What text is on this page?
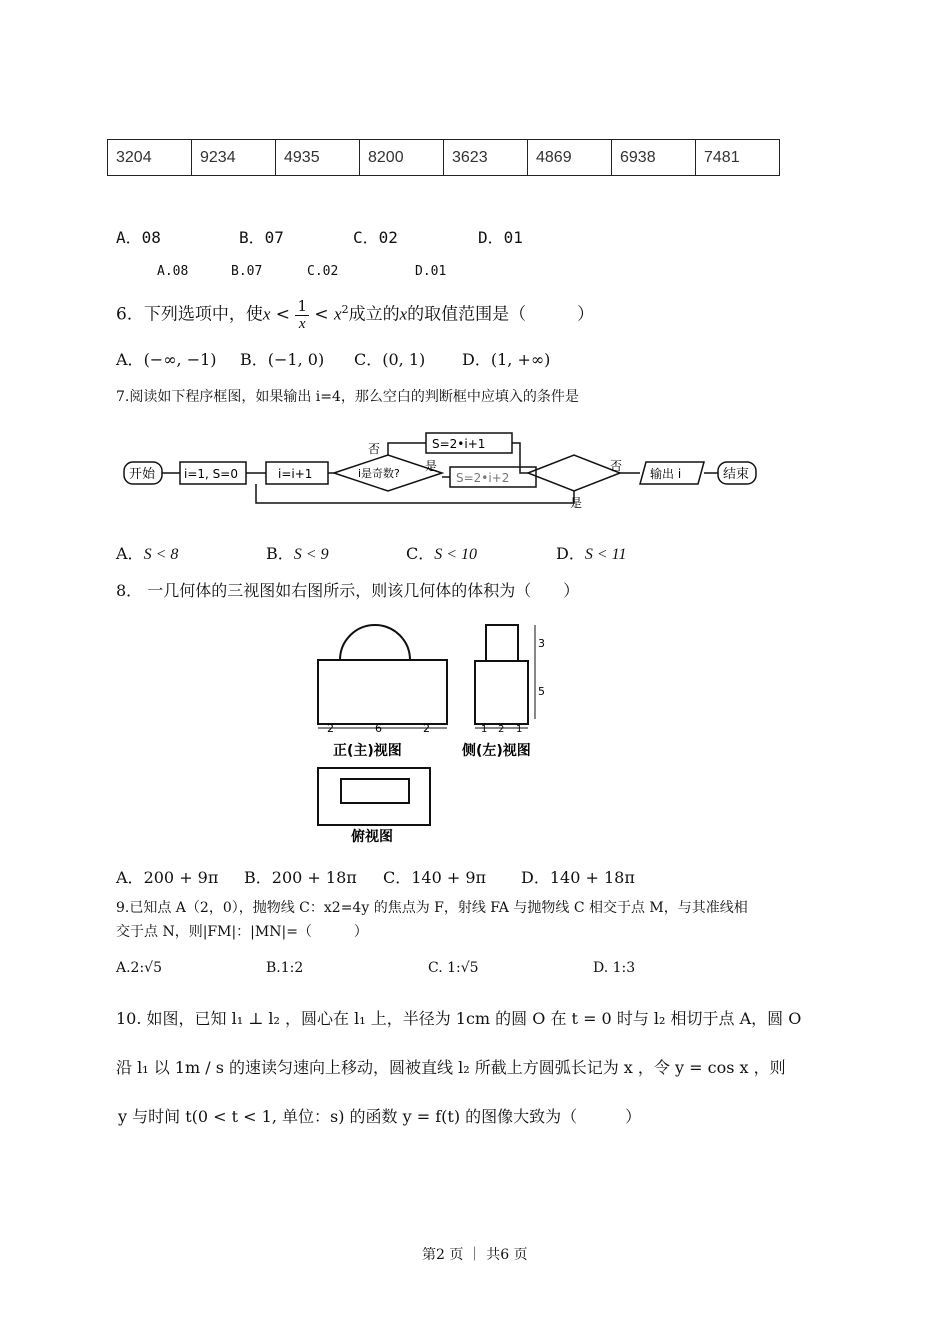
3204	9234	4935	8200	3623	4869	6938	7481
A．08	B．07	C．02	D．01
A.08	B.07	C.02	D.01
6．下列选项中，使$x < \frac{1}{x} < x^2$成立的x的取值范围是（　　　）
A．(−∞, −1) B．(−1, 0) C．(0, 1) D．(1, +∞)
7.阅读如下程序框图，如果输出 i=4，那么空白的判断框中应填入的条件是
开始 i=1, S=0	i=i+1	i是奇数?
否
是
S=2•i+1
S=2•i+2
否
是
输出 i	结束
A．S < 8	B．S < 9	C．S < 10	D．S < 11
8． 一几何体的三视图如右图所示，则该几何体的体积为（　　）
2	6	2
3
5
1 2 1
正(主)视图	侧(左)视图
俯视图
A．200 + 9π B．200 + 18π C．140 + 9π D．140 + 18π
9.已知点 A（2，0），抛物线 C：x2=4y 的焦点为 F，射线 FA 与抛物线 C 相交于点 M，与其准线相
交于点 N，则|FM|：|MN|=（　　　）
A.2:√5	B.1:2	C. 1:√5	D. 1:3
10. 如图，已知 l₁ ⊥ l₂ ，圆心在 l₁ 上，半径为 1cm 的圆 O 在 t = 0 时与 l₂ 相切于点 A，圆 O
沿 l₁ 以 1m / s 的速读匀速向上移动，圆被直线 l₂ 所截上方圆弧长记为 x ，令 y = cos x ，则
y 与时间 t(0 < t < 1, 单位：s) 的函数 y = f(t) 的图像大致为（　　　）
第2 页 ｜ 共6 页
